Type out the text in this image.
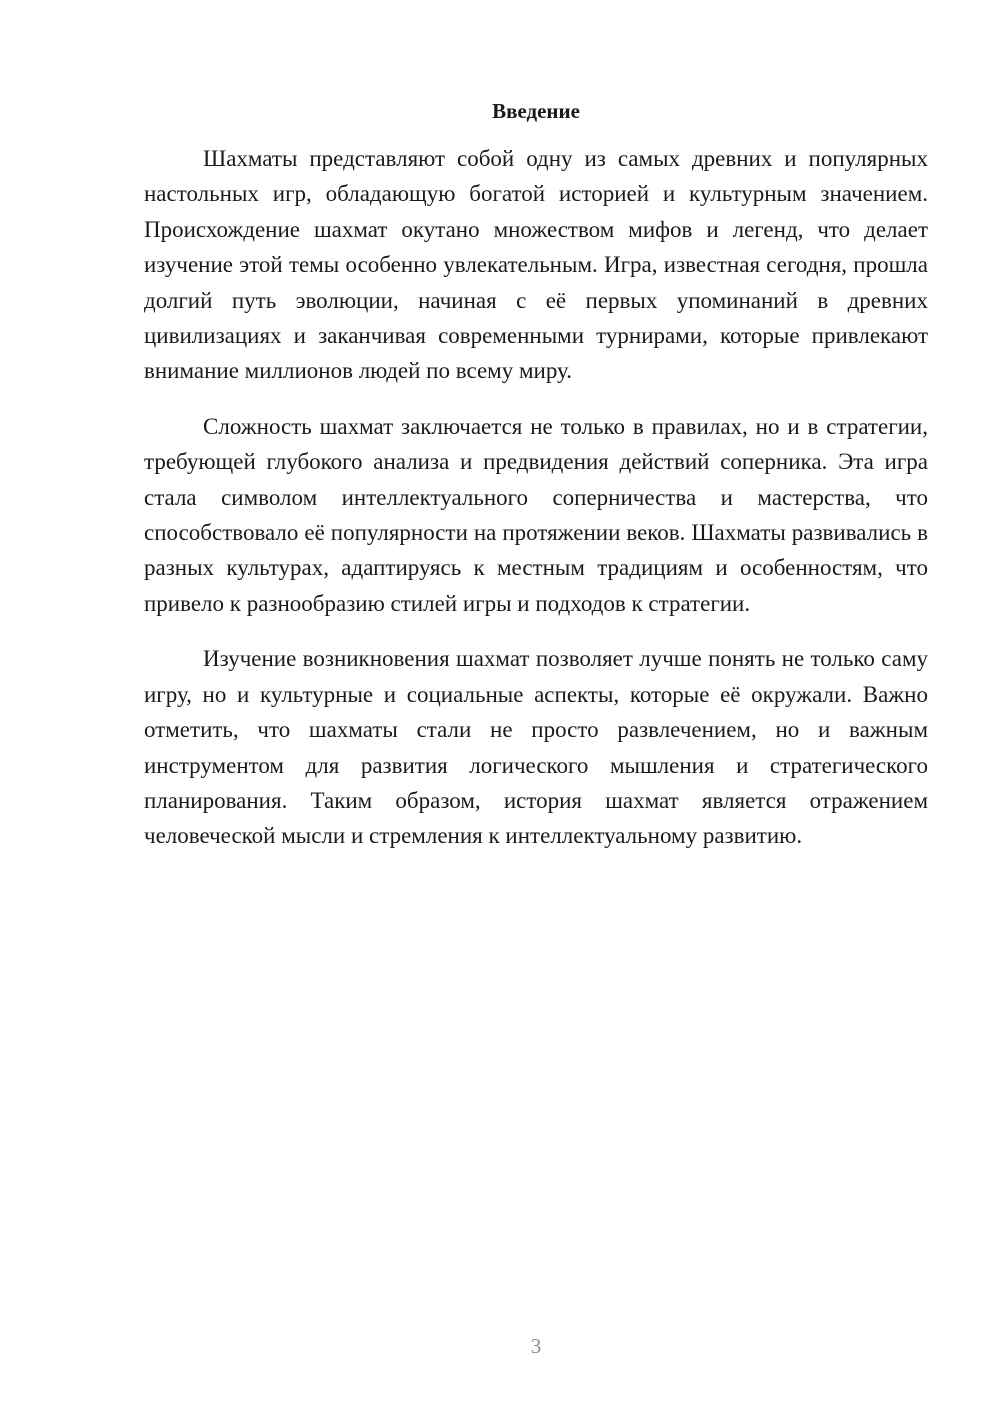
Введение

Шахматы представляют собой одну из самых древних и популярных настольных игр, обладающую богатой историей и культурным значением. Происхождение шахмат окутано множеством мифов и легенд, что делает изучение этой темы особенно увлекательным. Игра, известная сегодня, прошла долгий путь эволюции, начиная с её первых упоминаний в древних цивилизациях и заканчивая современными турнирами, которые привлекают внимание миллионов людей по всему миру.

Сложность шахмат заключается не только в правилах, но и в стратегии, требующей глубокого анализа и предвидения действий соперника. Эта игра стала символом интеллектуального соперничества и мастерства, что способствовало её популярности на протяжении веков. Шахматы развивались в разных культурах, адаптируясь к местным традициям и особенностям, что привело к разнообразию стилей игры и подходов к стратегии.

Изучение возникновения шахмат позволяет лучше понять не только саму игру, но и культурные и социальные аспекты, которые её окружали. Важно отметить, что шахматы стали не просто развлечением, но и важным инструментом для развития логического мышления и стратегического планирования. Таким образом, история шахмат является отражением человеческой мысли и стремления к интеллектуальному развитию.

3
